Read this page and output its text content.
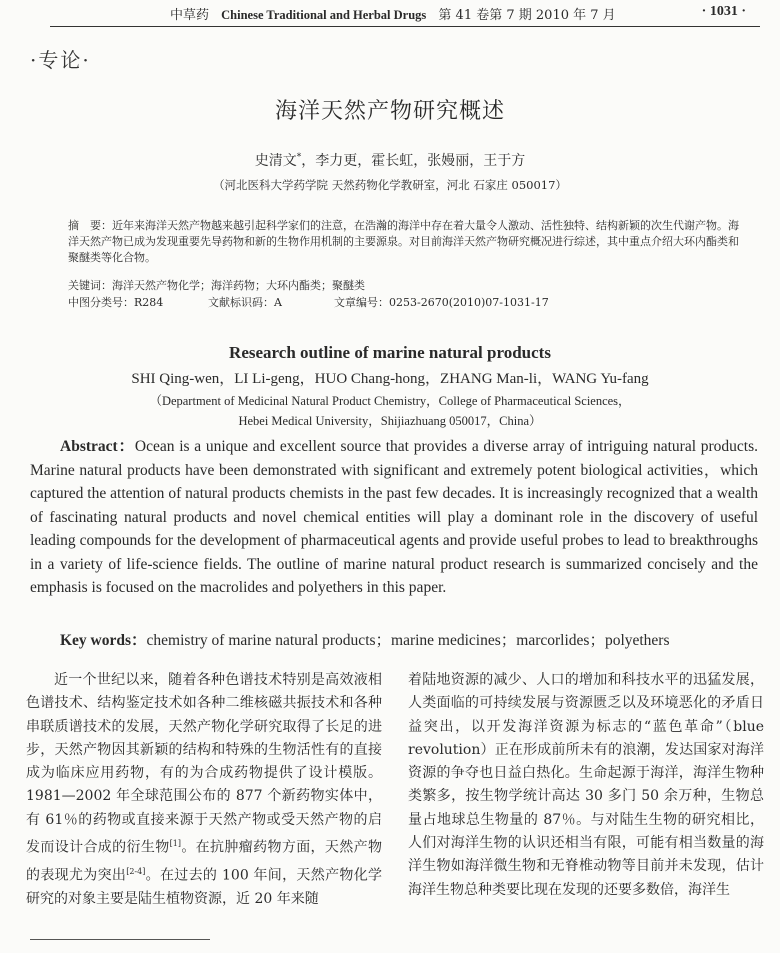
中草药 Chinese Traditional and Herbal Drugs 第 41 卷第 7 期 2010 年 7 月	· 1031 ·
·专论·
海洋天然产物研究概述
史清文*，李力更，霍长虹，张嫚丽，王于方
（河北医科大学药学院 天然药物化学教研室，河北 石家庄 050017）
摘　要：近年来海洋天然产物越来越引起科学家们的注意，在浩瀚的海洋中存在着大量令人激动、活性独特、结构新颖的次生代谢产物。海洋天然产物已成为发现重要先导药物和新的生物作用机制的主要源泉。对目前海洋天然产物研究概况进行综述，其中重点介绍大环内酯类和聚醚类等化合物。
关键词：海洋天然产物化学；海洋药物；大环内酯类；聚醚类
中图分类号：R284	文献标识码：A	文章编号：0253-2670(2010)07-1031-17
Research outline of marine natural products
SHI Qing-wen，LI Li-geng，HUO Chang-hong，ZHANG Man-li，WANG Yu-fang
（Department of Medicinal Natural Product Chemistry，College of Pharmaceutical Sciences，
Hebei Medical University，Shijiazhuang 050017，China）
Abstract：Ocean is a unique and excellent source that provides a diverse array of intriguing natural products. Marine natural products have been demonstrated with significant and extremely potent biological activities，which captured the attention of natural products chemists in the past few decades. It is increasingly recognized that a wealth of fascinating natural products and novel chemical entities will play a dominant role in the discovery of useful leading compounds for the development of pharmaceutical agents and provide useful probes to lead to breakthroughs in a variety of life-science fields. The outline of marine natural product research is summarized concisely and the emphasis is focused on the macrolides and polyethers in this paper.
Key words：chemistry of marine natural products；marine medicines；marcorlides；polyethers
近一个世纪以来，随着各种色谱技术特别是高效液相色谱技术、结构鉴定技术如各种二维核磁共振技术和各种串联质谱技术的发展，天然产物化学研究取得了长足的进步，天然产物因其新颖的结构和特殊的生物活性有的直接成为临床应用药物，有的为合成药物提供了设计模版。1981—2002 年全球范围公布的 877 个新药物实体中，有 61％的药物或直接来源于天然产物或受天然产物的启发而设计合成的衍生物[1]。在抗肿瘤药物方面，天然产物的表现尤为突出[2-4]。在过去的 100 年间，天然产物化学研究的对象主要是陆生植物资源，近 20 年来随
着陆地资源的减少、人口的增加和科技水平的迅猛发展，人类面临的可持续发展与资源匮乏以及环境恶化的矛盾日益突出，以开发海洋资源为标志的“蓝色革命”（blue revolution）正在形成前所未有的浪潮，发达国家对海洋资源的争夺也日益白热化。生命起源于海洋，海洋生物种类繁多，按生物学统计高达 30 多门 50 余万种，生物总量占地球总生物量的 87％。与对陆生生物的研究相比，人们对海洋生物的认识还相当有限，可能有相当数量的海洋生物如海洋微生物和无脊椎动物等目前并未发现，估计海洋生物总种类要比现在发现的还要多数倍，海洋生
